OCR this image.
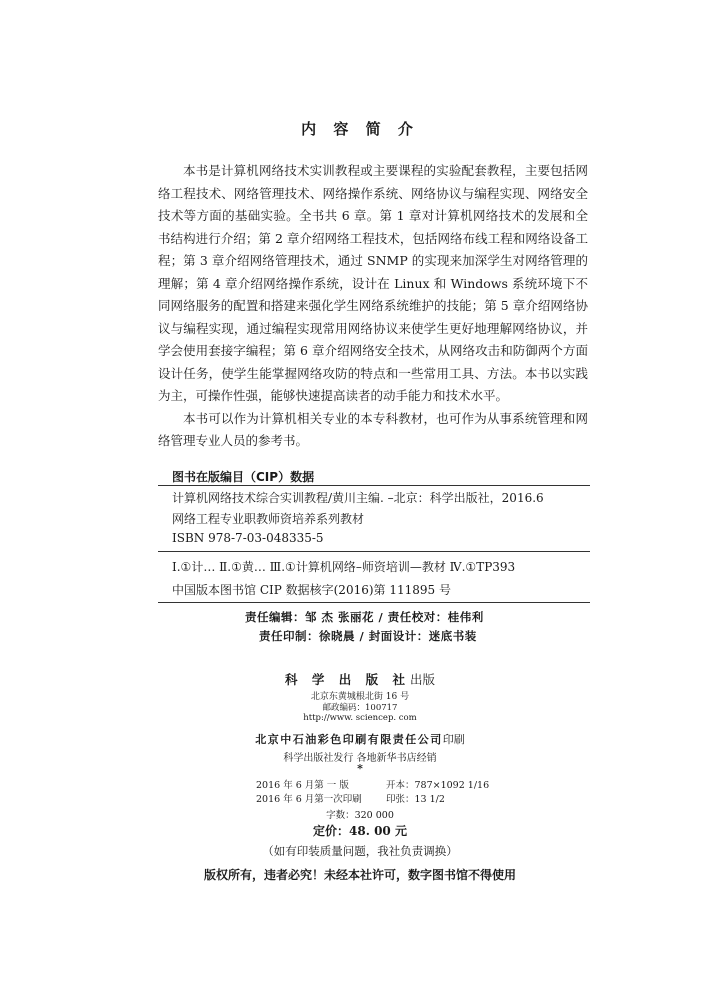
内 容 简 介

本书是计算机网络技术实训教程或主要课程的实验配套教程，主要包括网络工程技术、网络管理技术、网络操作系统、网络协议与编程实现、网络安全技术等方面的基础实验。全书共 6 章。第 1 章对计算机网络技术的发展和全书结构进行介绍；第 2 章介绍网络工程技术，包括网络布线工程和网络设备工程；第 3 章介绍网络管理技术，通过 SNMP 的实现来加深学生对网络管理的理解；第 4 章介绍网络操作系统，设计在 Linux 和 Windows 系统环境下不同网络服务的配置和搭建来强化学生网络系统维护的技能；第 5 章介绍网络协议与编程实现，通过编程实现常用网络协议来使学生更好地理解网络协议，并学会使用套接字编程；第 6 章介绍网络安全技术，从网络攻击和防御两个方面设计任务，使学生能掌握网络攻防的特点和一些常用工具、方法。本书以实践为主，可操作性强，能够快速提高读者的动手能力和技术水平。

本书可以作为计算机相关专业的本专科教材，也可作为从事系统管理和网络管理专业人员的参考书。

图书在版编目（CIP）数据
计算机网络技术综合实训教程/黄川主编. –北京：科学出版社，2016.6
网络工程专业职教师资培养系列教材
ISBN 978-7-03-048335-5
Ⅰ.①计… Ⅱ.①黄… Ⅲ.①计算机网络–师资培训—教材 Ⅳ.①TP393
中国版本图书馆 CIP 数据核字(2016)第 111895 号
责任编辑：邹 杰 张丽花 / 责任校对：桂伟利
责任印制：徐晓晨 / 封面设计：迷底书装
科 学 出 版 社出版
北京东黄城根北街 16 号
邮政编码：100717
http://www. sciencep. com
北京中石油彩色印刷有限责任公司印刷
科学出版社发行 各地新华书店经销
*
2016 年 6 月第 一 版	开本：787×1092 1/16
2016 年 6 月第一次印刷	印张：13 1/2
字数：320 000
定价：48. 00 元
（如有印装质量问题，我社负责调换）
版权所有，违者必究！未经本社许可，数字图书馆不得使用
